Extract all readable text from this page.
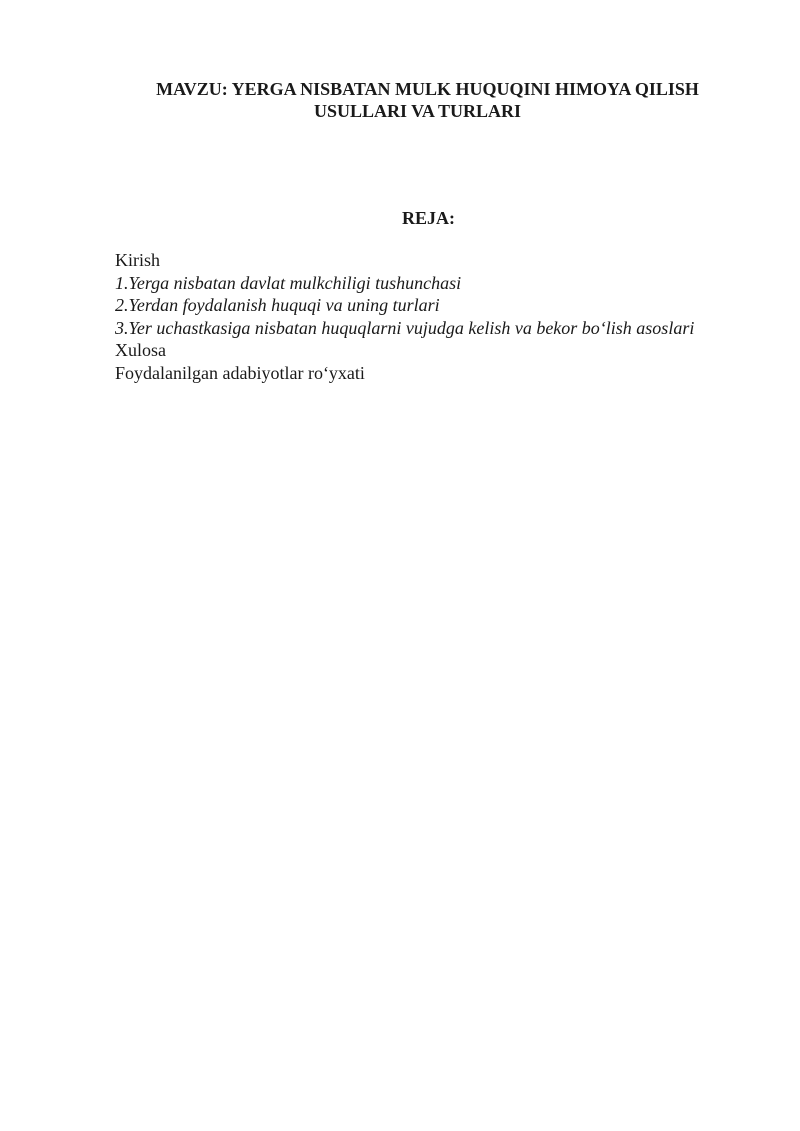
MAVZU: YERGA NISBATAN MULK HUQUQINI HIMOYA QILISH
USULLARI VA TURLARI
REJA:
Kirish
1.Yerga nisbatan davlat mulkchiligi tushunchasi
2.Yerdan foydalanish huquqi va uning turlari
3.Yer uchastkasiga nisbatan huquqlarni vujudga kelish va bekor bo‘lish asoslari
Xulosa
Foydalanilgan adabiyotlar ro‘yxati
